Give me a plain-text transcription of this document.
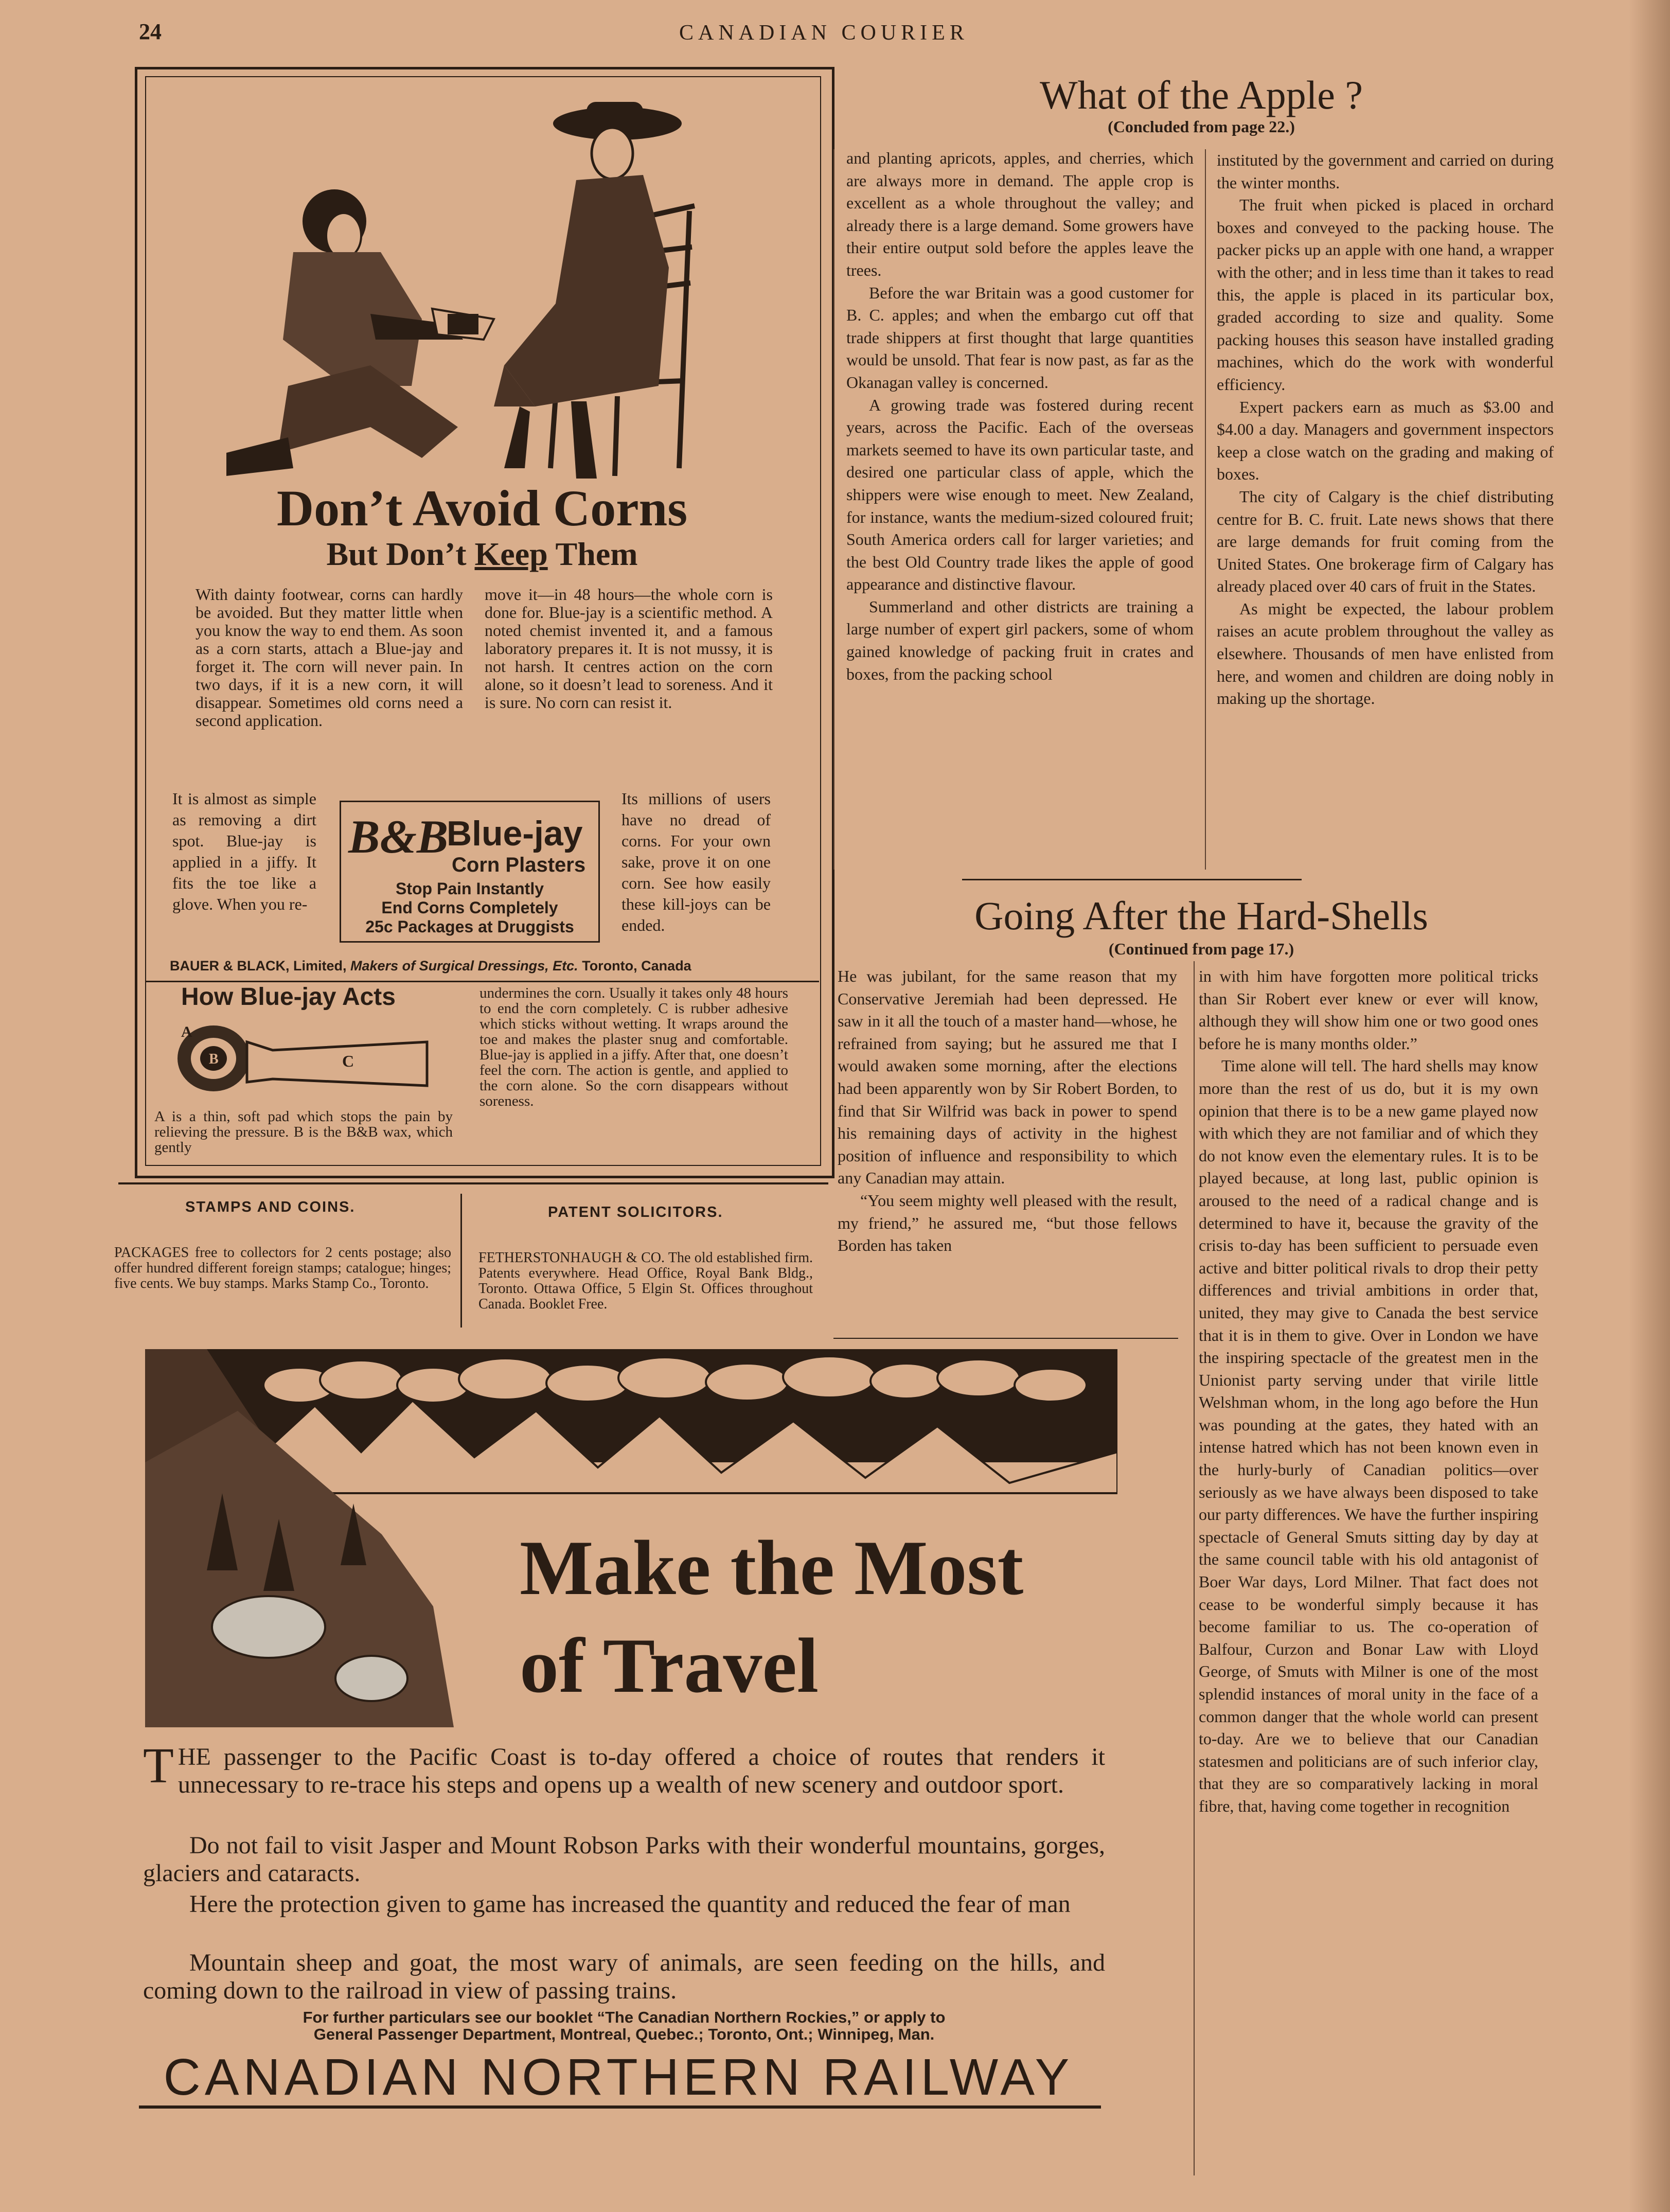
24	CANADIAN COURIER
Don’t Avoid Corns
But Don’t Keep Them
With dainty footwear, corns can hardly be avoided. But they matter little when you know the way to end them. As soon as a corn starts, attach a Blue-jay and forget it. The corn will never pain. In two days, if it is a new corn, it will disappear. Sometimes old corns need a second application.
It is almost as simple as removing a dirt spot. Blue-jay is applied in a jiffy. It fits the toe like a glove. When you re-
move it—in 48 hours—the whole corn is done for. Blue-jay is a scientific method. A noted chemist invented it, and a famous laboratory prepares it. It is not mussy, it is not harsh. It centres action on the corn alone, so it doesn’t lead to soreness. And it is sure. No corn can resist it.
Its millions of users have no dread of corns. For your own sake, prove it on one corn. See how easily these kill-joys can be ended.
B&B
Blue-jay
Corn Plasters
Stop Pain Instantly
End Corns Completely
25c Packages at Druggists
BAUER & BLACK, Limited, Makers of Surgical Dressings, Etc. Toronto, Canada
How Blue-jay Acts
A
B	C
A is a thin, soft pad which stops the pain by relieving the pressure. B is the B&B wax, which gently
undermines the corn. Usually it takes only 48 hours to end the corn completely. C is rubber adhesive which sticks without wetting. It wraps around the toe and makes the plaster snug and comfortable. Blue-jay is applied in a jiffy. After that, one doesn’t feel the corn. The action is gentle, and applied to the corn alone. So the corn disappears without soreness.
STAMPS AND COINS.
PACKAGES free to collectors for 2 cents postage; also offer hundred different foreign stamps; catalogue; hinges; five cents. We buy stamps. Marks Stamp Co., Toronto.
PATENT SOLICITORS.
FETHERSTONHAUGH & CO. The old established firm. Patents everywhere. Head Office, Royal Bank Bldg., Toronto. Ottawa Office, 5 Elgin St. Offices throughout Canada. Booklet Free.
What of the Apple ?
(Concluded from page 22.)

and planting apricots, apples, and cherries, which are always more in demand. The apple crop is excellent as a whole throughout the valley; and already there is a large demand. Some growers have their entire output sold before the apples leave the trees.

Before the war Britain was a good customer for B. C. apples; and when the embargo cut off that trade shippers at first thought that large quantities would be unsold. That fear is now past, as far as the Okanagan valley is concerned.

A growing trade was fostered during recent years, across the Pacific. Each of the overseas markets seemed to have its own particular taste, and desired one particular class of apple, which the shippers were wise enough to meet. New Zealand, for instance, wants the medium-sized coloured fruit; South America orders call for larger varieties; and the best Old Country trade likes the apple of good appearance and distinctive flavour.

Summerland and other districts are training a large number of expert girl packers, some of whom gained knowledge of packing fruit in crates and boxes, from the packing school

instituted by the government and carried on during the winter months.

The fruit when picked is placed in orchard boxes and conveyed to the packing house. The packer picks up an apple with one hand, a wrapper with the other; and in less time than it takes to read this, the apple is placed in its particular box, graded according to size and quality. Some packing houses this season have installed grading machines, which do the work with wonderful efficiency.

Expert packers earn as much as $3.00 and $4.00 a day. Managers and government inspectors keep a close watch on the grading and making of boxes.

The city of Calgary is the chief distributing centre for B. C. fruit. Late news shows that there are large demands for fruit coming from the United States. One brokerage firm of Calgary has already placed over 40 cars of fruit in the States.

As might be expected, the labour problem raises an acute problem throughout the valley as elsewhere. Thousands of men have enlisted from here, and women and children are doing nobly in making up the shortage.

Going After the Hard-Shells
(Continued from page 17.)

He was jubilant, for the same reason that my Conservative Jeremiah had been depressed. He saw in it all the touch of a master hand—whose, he refrained from saying; but he assured me that I would awaken some morning, after the elections had been apparently won by Sir Robert Borden, to find that Sir Wilfrid was back in power to spend his remaining days of activity in the highest position of influence and responsibility to which any Canadian may attain.

“You seem mighty well pleased with the result, my friend,” he assured me, “but those fellows Borden has taken

in with him have forgotten more political tricks than Sir Robert ever knew or ever will know, although they will show him one or two good ones before he is many months older.”

Time alone will tell. The hard shells may know more than the rest of us do, but it is my own opinion that there is to be a new game played now with which they are not familiar and of which they do not know even the elementary rules. It is to be played because, at long last, public opinion is aroused to the need of a radical change and is determined to have it, because the gravity of the crisis to-day has been sufficient to persuade even active and bitter political rivals to drop their petty differences and trivial ambitions in order that, united, they may give to Canada the best service that it is in them to give. Over in London we have the inspiring spectacle of the greatest men in the Unionist party serving under that virile little Welshman whom, in the long ago before the Hun was pounding at the gates, they hated with an intense hatred which has not been known even in the hurly-burly of Canadian politics—over seriously as we have always been disposed to take our party differences. We have the further inspiring spectacle of General Smuts sitting day by day at the same council table with his old antagonist of Boer War days, Lord Milner. That fact does not cease to be wonderful simply because it has become familiar to us. The co-operation of Balfour, Curzon and Bonar Law with Lloyd George, of Smuts with Milner is one of the most splendid instances of moral unity in the face of a common danger that the whole world can present to-day. Are we to believe that our Canadian statesmen and politicians are of such inferior clay, that they are so comparatively lacking in moral fibre, that, having come together in recognition

Make the Most
of Travel
THE passenger to the Pacific Coast is to-day offered a choice of routes that renders it unnecessary to re-trace his steps and opens up a wealth of new scenery and outdoor sport.
Do not fail to visit Jasper and Mount Robson Parks with their wonderful mountains, gorges, glaciers and cataracts.
Here the protection given to game has increased the quantity and reduced the fear of man
Mountain sheep and goat, the most wary of animals, are seen feeding on the hills, and coming down to the railroad in view of passing trains.
For further particulars see our booklet “The Canadian Northern Rockies,” or apply to
General Passenger Department, Montreal, Quebec.; Toronto, Ont.; Winnipeg, Man.
CANADIAN NORTHERN RAILWAY
